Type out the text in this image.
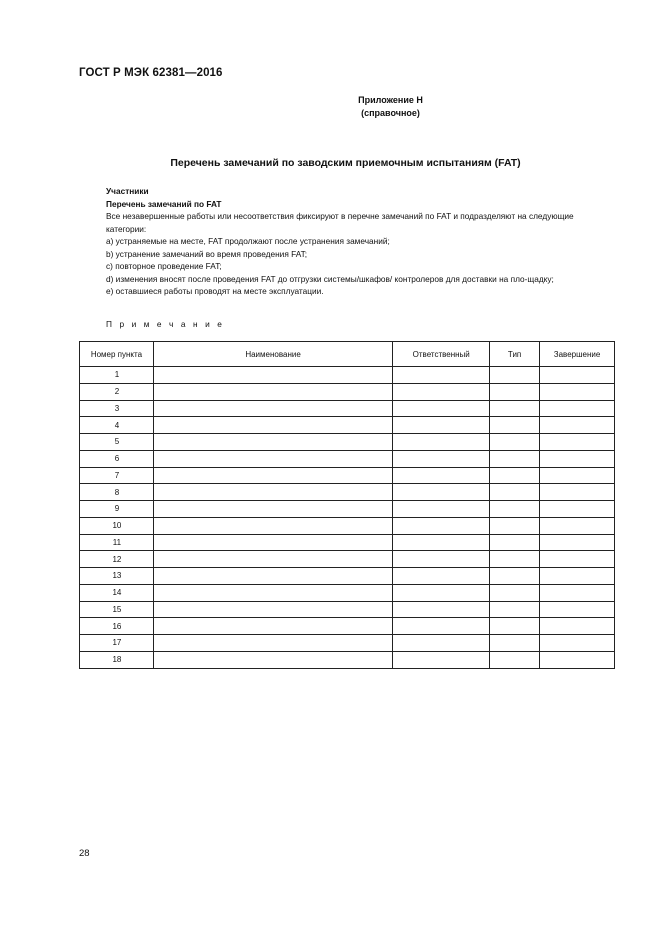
ГОСТ Р МЭК 62381—2016
Приложение Н
(справочное)
Перечень замечаний по заводским приемочным испытаниям (FAT)

Участники

Перечень замечаний по FAT

Все незавершенные работы или несоответствия фиксируют в перечне замечаний по FAT и подразделяют на следующие категории:

a) устраняемые на месте, FAT продолжают после устранения замечаний;

b) устранение замечаний во время проведения FAT;

c) повторное проведение FAT;

d) изменения вносят после проведения FAT до отгрузки системы/шкафов/ контролеров для доставки на пло-щадку;

e) оставшиеся работы проводят на месте эксплуатации.

П р и м е ч а н и е
Номер пункта	Наименование	Ответственный	Тип	Завершение
1				
2				
3				
4				
5				
6				
7				
8				
9				
10				
11				
12				
13				
14				
15				
16				
17				
18				
28
